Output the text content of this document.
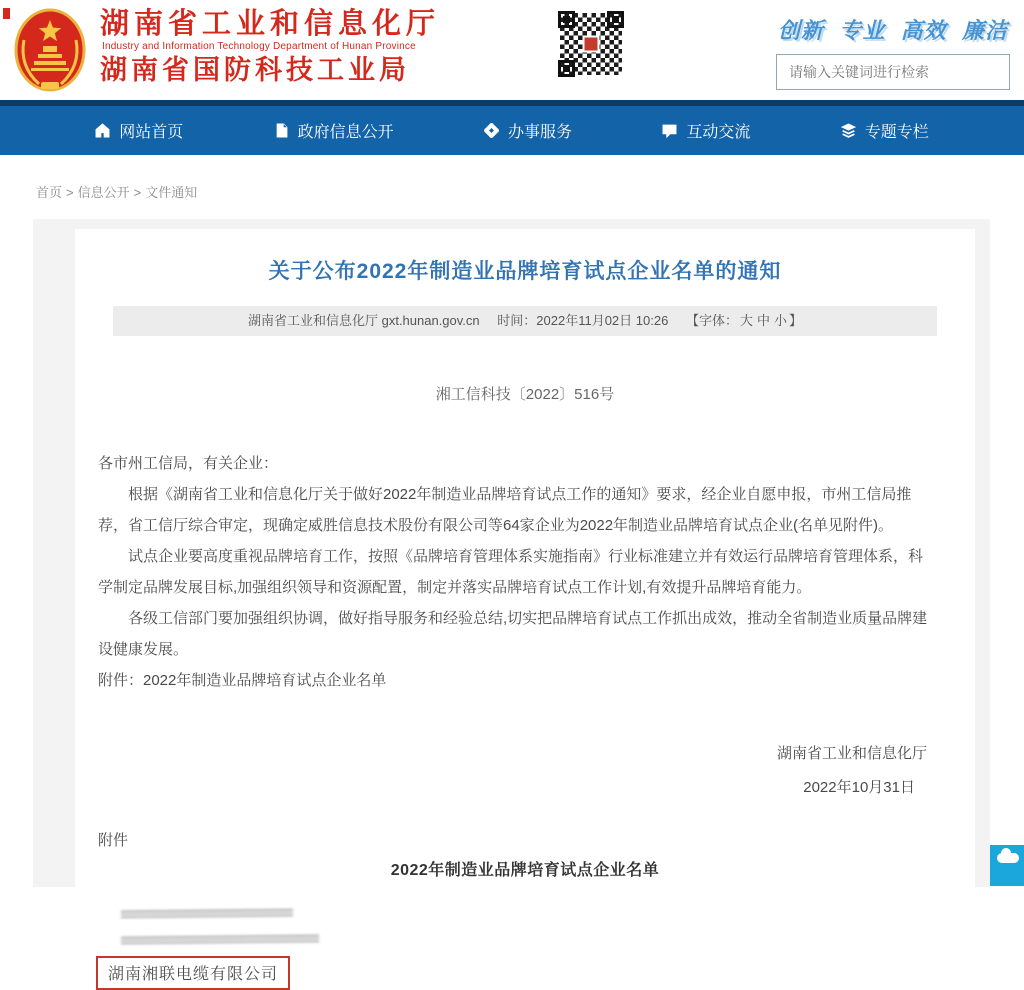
湖南省工业和信息化厅
Industry and Information Technology Department of Hunan Province
湖南省国防科技工业局
创新 专业 高效 廉洁
请输入关键词进行检索
网站首页	政府信息公开	办事服务	互动交流	专题专栏
首页 > 信息公开 > 文件通知
关于公布2022年制造业品牌培育试点企业名单的通知
湖南省工业和信息化厅 gxt.hunan.gov.cn 时间：2022年11月02日 10:26 【字体： 大 中 小 】
湘工信科技〔2022〕516号

各市州工信局，有关企业：

根据《湖南省工业和信息化厅关于做好2022年制造业品牌培育试点工作的通知》要求，经企业自愿申报，市州工信局推荐，省工信厅综合审定，现确定威胜信息技术股份有限公司等64家企业为2022年制造业品牌培育试点企业(名单见附件)。

试点企业要高度重视品牌培育工作，按照《品牌培育管理体系实施指南》行业标准建立并有效运行品牌培育管理体系，科学制定品牌发展目标,加强组织领导和资源配置，制定并落实品牌培育试点工作计划,有效提升品牌培育能力。

各级工信部门要加强组织协调，做好指导服务和经验总结,切实把品牌培育试点工作抓出成效，推动全省制造业质量品牌建设健康发展。

附件：2022年制造业品牌培育试点企业名单

湖南省工业和信息化厅
2022年10月31日
附件
2022年制造业品牌培育试点企业名单
湖南湘联电缆有限公司
